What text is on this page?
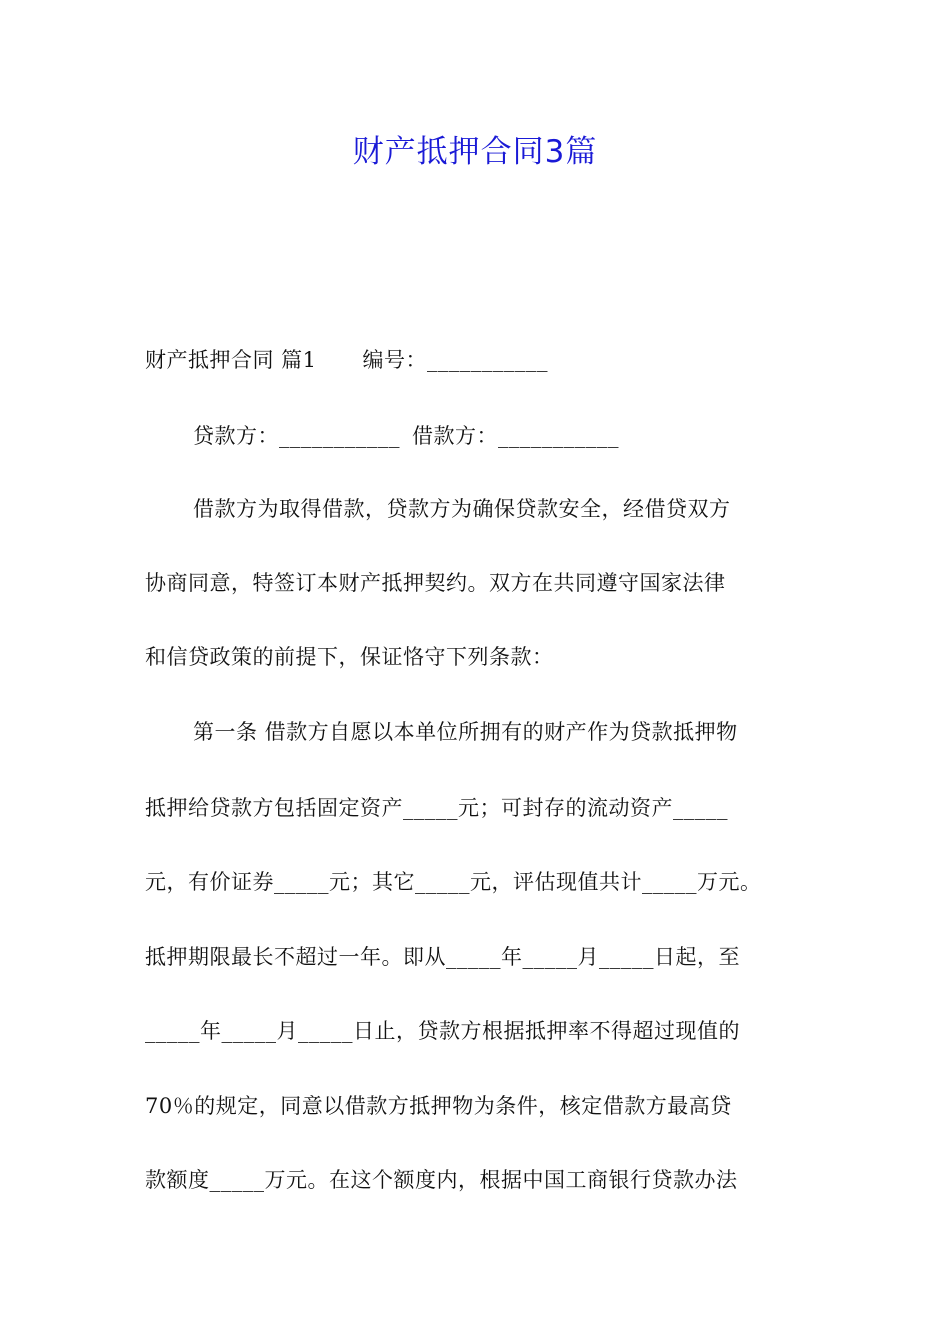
财产抵押合同3篇
财产抵押合同 篇1 编号：___________
贷款方：___________ 借款方：___________
借款方为取得借款，贷款方为确保贷款安全，经借贷双方
协商同意，特签订本财产抵押契约。双方在共同遵守国家法律
和信贷政策的前提下，保证恪守下列条款：
第一条 借款方自愿以本单位所拥有的财产作为贷款抵押物
抵押给贷款方包括固定资产_____元；可封存的流动资产_____
元，有价证券_____元；其它_____元，评估现值共计_____万元。
抵押期限最长不超过一年。即从_____年_____月_____日起，至
_____年_____月_____日止，贷款方根据抵押率不得超过现值的
70％的规定，同意以借款方抵押物为条件，核定借款方最高贷
款额度_____万元。在这个额度内，根据中国工商银行贷款办法
